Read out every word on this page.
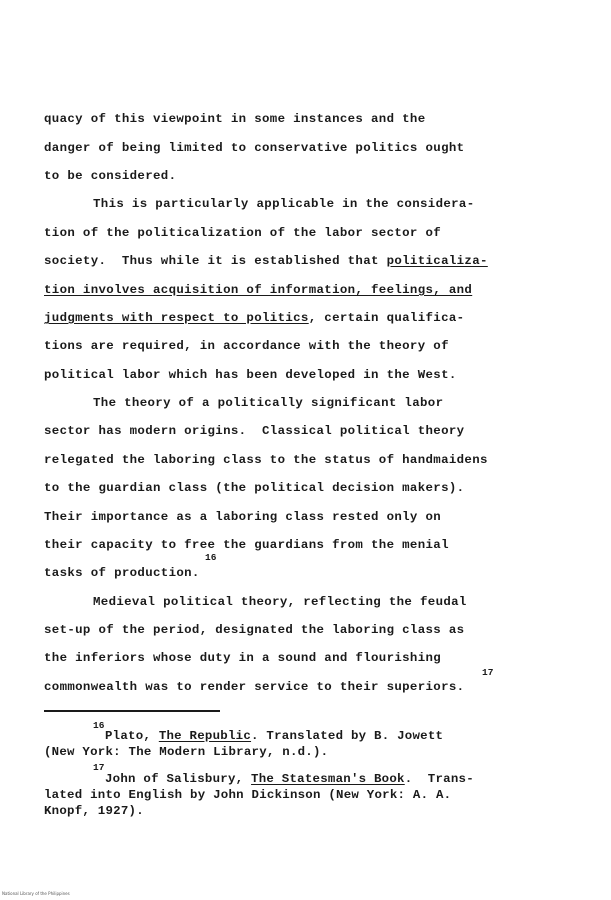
quacy of this viewpoint in some instances and the
danger of being limited to conservative politics ought
to be considered.
This is particularly applicable in the considera-
tion of the politicalization of the labor sector of
society.  Thus while it is established that politicaliza-
tion involves acquisition of information, feelings, and
judgments with respect to politics, certain qualifica-
tions are required, in accordance with the theory of
political labor which has been developed in the West.
The theory of a politically significant labor
sector has modern origins.  Classical political theory
relegated the laboring class to the status of handmaidens
to the guardian class (the political decision makers).
Their importance as a laboring class rested only on
their capacity to free the guardians from the menial
16
tasks of production.
Medieval political theory, reflecting the feudal
set-up of the period, designated the laboring class as
the inferiors whose duty in a sound and flourishing
commonwealth was to render service to their superiors.
17
16
Plato, The Republic. Translated by B. Jowett
(New York: The Modern Library, n.d.).
17
John of Salisbury, The Statesman's Book.  Trans-
lated into English by John Dickinson (New York: A. A.
Knopf, 1927).
National Library of the Philippines
